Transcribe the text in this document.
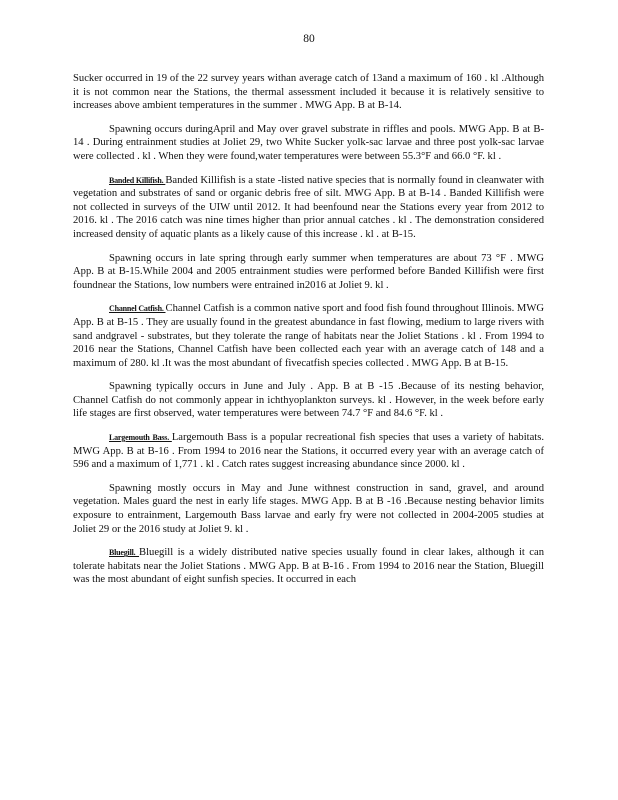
80

Sucker occurred in 19 of the 22 survey years withan average catch of 13and a maximum of 160 . kl .Although it is not common near the Stations, the thermal assessment included it because it is relatively sensitive to increases above ambient temperatures in the summer . MWG App. B at B-14.

Spawning occurs duringApril and May over gravel substrate in riffles and pools. MWG App. B at B-14 . During entrainment studies at Joliet 29, two White Sucker yolk-sac larvae and three post yolk-sac larvae were collected . kl . When they were found,water temperatures were between 55.3°F and 66.0 °F. kl .

Banded Killifish. Banded Killifish is a state -listed native species that is normally found in cleanwater with vegetation and substrates of sand or organic debris free of silt. MWG App. B at B-14 . Banded Killifish were not collected in surveys of the UIW until 2012. It had beenfound near the Stations every year from 2012 to 2016. kl . The 2016 catch was nine times higher than prior annual catches . kl . The demonstration considered increased density of aquatic plants as a likely cause of this increase . kl . at B-15.

Spawning occurs in late spring through early summer when temperatures are about 73 °F . MWG App. B at B-15.While 2004 and 2005 entrainment studies were performed before Banded Killifish were first foundnear the Stations, low numbers were entrained in2016 at Joliet 9. kl .

Channel Catfish. Channel Catfish is a common native sport and food fish found throughout Illinois. MWG App. B at B-15 . They are usually found in the greatest abundance in fast flowing, medium to large rivers with sand andgravel - substrates, but they tolerate the range of habitats near the Joliet Stations . kl . From 1994 to 2016 near the Stations, Channel Catfish have been collected each year with an average catch of 148 and a maximum of 280. kl .It was the most abundant of fivecatfish species collected . MWG App. B at B-15.

Spawning typically occurs in June and July . App. B at B -15 .Because of its nesting behavior, Channel Catfish do not commonly appear in ichthyoplankton surveys. kl . However, in the week before early life stages are first observed, water temperatures were between 74.7 °F and 84.6 °F. kl .

Largemouth Bass. Largemouth Bass is a popular recreational fish species that uses a variety of habitats. MWG App. B at B-16 . From 1994 to 2016 near the Stations, it occurred every year with an average catch of 596 and a maximum of 1,771 . kl . Catch rates suggest increasing abundance since 2000. kl .

Spawning mostly occurs in May and June withnest construction in sand, gravel, and around vegetation. Males guard the nest in early life stages. MWG App. B at B -16 .Because nesting behavior limits exposure to entrainment, Largemouth Bass larvae and early fry were not collected in 2004-2005 studies at Joliet 29 or the 2016 study at Joliet 9. kl .

Bluegill. Bluegill is a widely distributed native species usually found in clear lakes, although it can tolerate habitats near the Joliet Stations . MWG App. B at B-16 . From 1994 to 2016 near the Station, Bluegill was the most abundant of eight sunfish species. It occurred in each
